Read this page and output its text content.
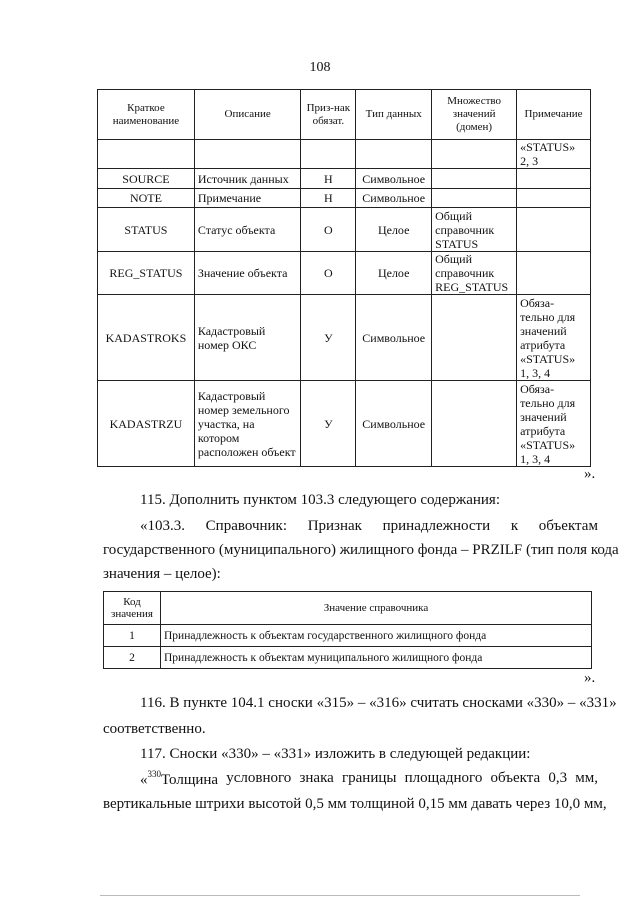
108
Краткое наименование	Описание	Приз-нак обязат.	Тип данных	Множество значений (домен)	Примечание
					«STATUS» 2, 3
SOURCE	Источник данных	Н	Символьное		
NOTE	Примечание	Н	Символьное		
STATUS	Статус объекта	О	Целое	Общий справочник STATUS	
REG_STATUS	Значение объекта	О	Целое	Общий справочник REG_STATUS	
KADASTROKS	Кадастровый номер ОКС	У	Символьное		Обяза-тельно для значений атрибута «STATUS» 1, 3, 4
KADASTRZU	Кадастровый номер земельного участка, на котором расположен объект	У	Символьное		Обяза-тельно для значений атрибута «STATUS» 1, 3, 4
».
115. Дополнить пунктом 103.3 следующего содержания:
«103.3. Справочник: Признак принадлежности к объектам
государственного (муниципального) жилищного фонда – PRZILF (тип поля кода
значения – целое):
Код значения	Значение справочника
1	Принадлежность к объектам государственного жилищного фонда
2	Принадлежность к объектам муниципального жилищного фонда
».
116. В пункте 104.1 сноски «315» – «316» считать сносками «330» – «331»
соответственно.
117. Сноски «330» – «331» изложить в следующей редакции:
«$^{330}$Толщина условного знака границы площадного объекта 0,3 мм,
вертикальные штрихи высотой 0,5 мм толщиной 0,15 мм давать через 10,0 мм,
